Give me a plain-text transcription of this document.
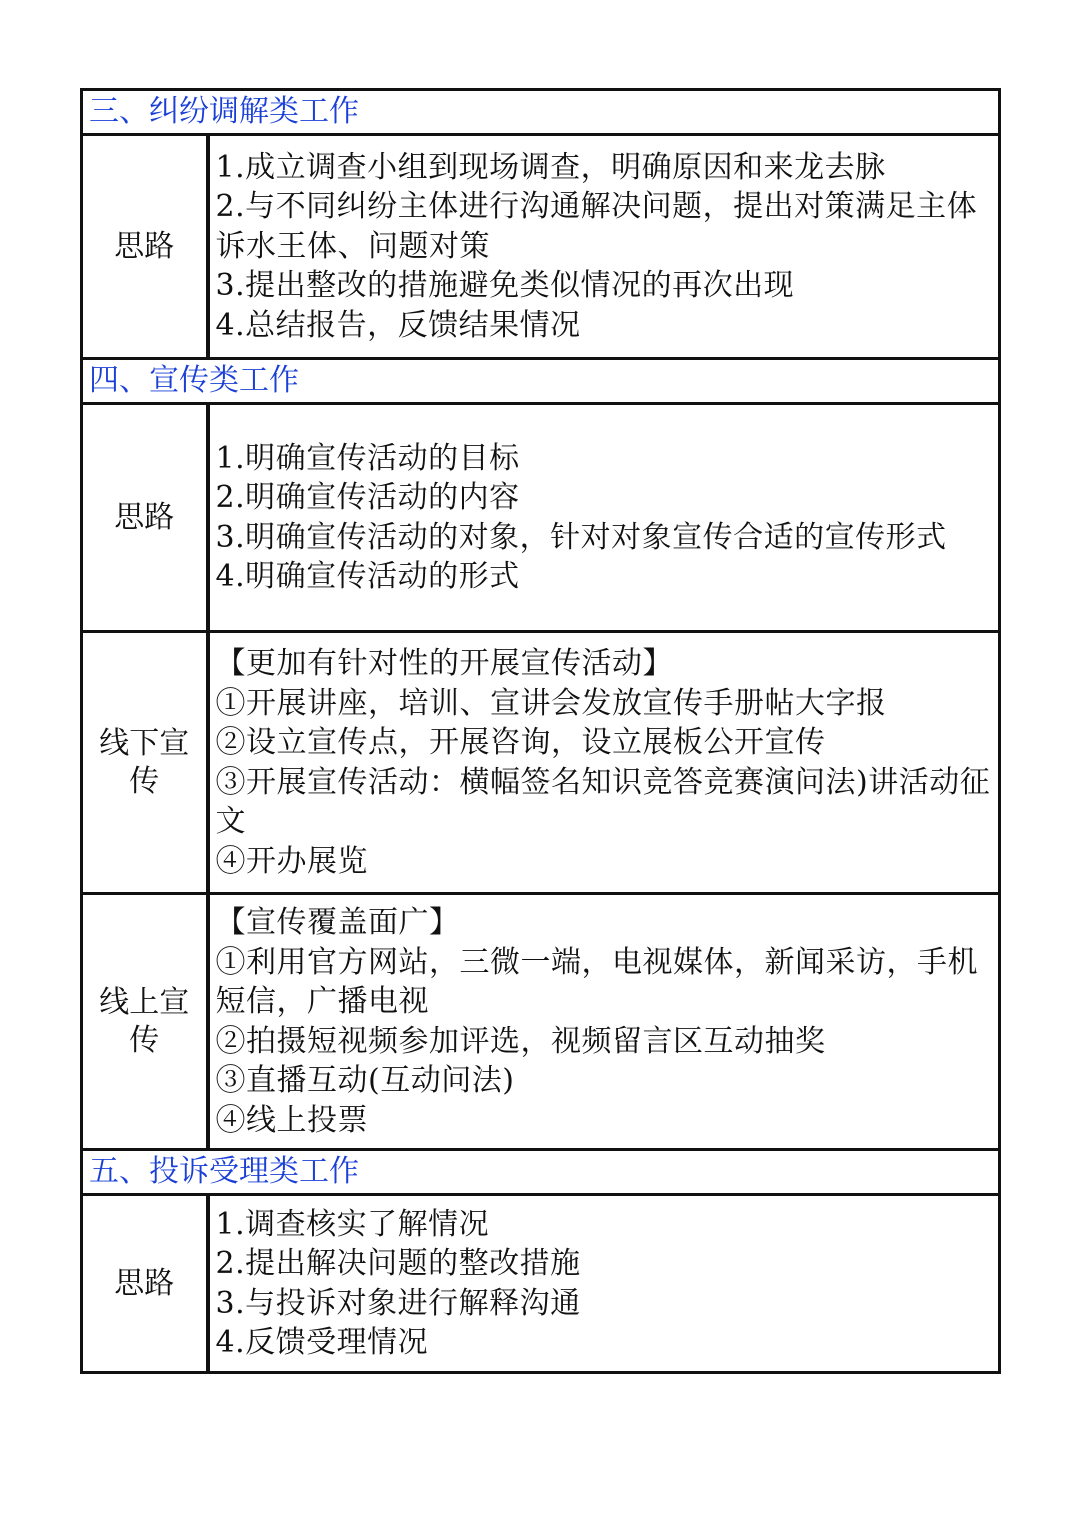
三、纠纷调解类工作	
思路	1.成立调查小组到现场调查，明确原因和来龙去脉
2.与不同纠纷主体进行沟通解决问题，提出对策满足主体诉水王体、问题对策
3.提出整改的措施避免类似情况的再次出现
4.总结报告，反馈结果情况

四、宣传类工作	
思路	1.明确宣传活动的目标
2.明确宣传活动的内容
3.明确宣传活动的对象，针对对象宣传合适的宣传形式
4.明确宣传活动的形式

线下宣传	【更加有针对性的开展宣传活动】
①开展讲座，培训、宣讲会发放宣传手册帖大字报
②设立宣传点，开展咨询，设立展板公开宣传
③开展宣传活动：横幅签名知识竞答竞赛演问法)讲活动征文
④开办展览

线上宣传	【宣传覆盖面广】
①利用官方网站，三微一端，电视媒体，新闻采访，手机短信，广播电视
②拍摄短视频参加评选，视频留言区互动抽奖
③直播互动(互动问法)
④线上投票

五、投诉受理类工作	
思路	1.调查核实了解情况
2.提出解决问题的整改措施
3.与投诉对象进行解释沟通
4.反馈受理情况
